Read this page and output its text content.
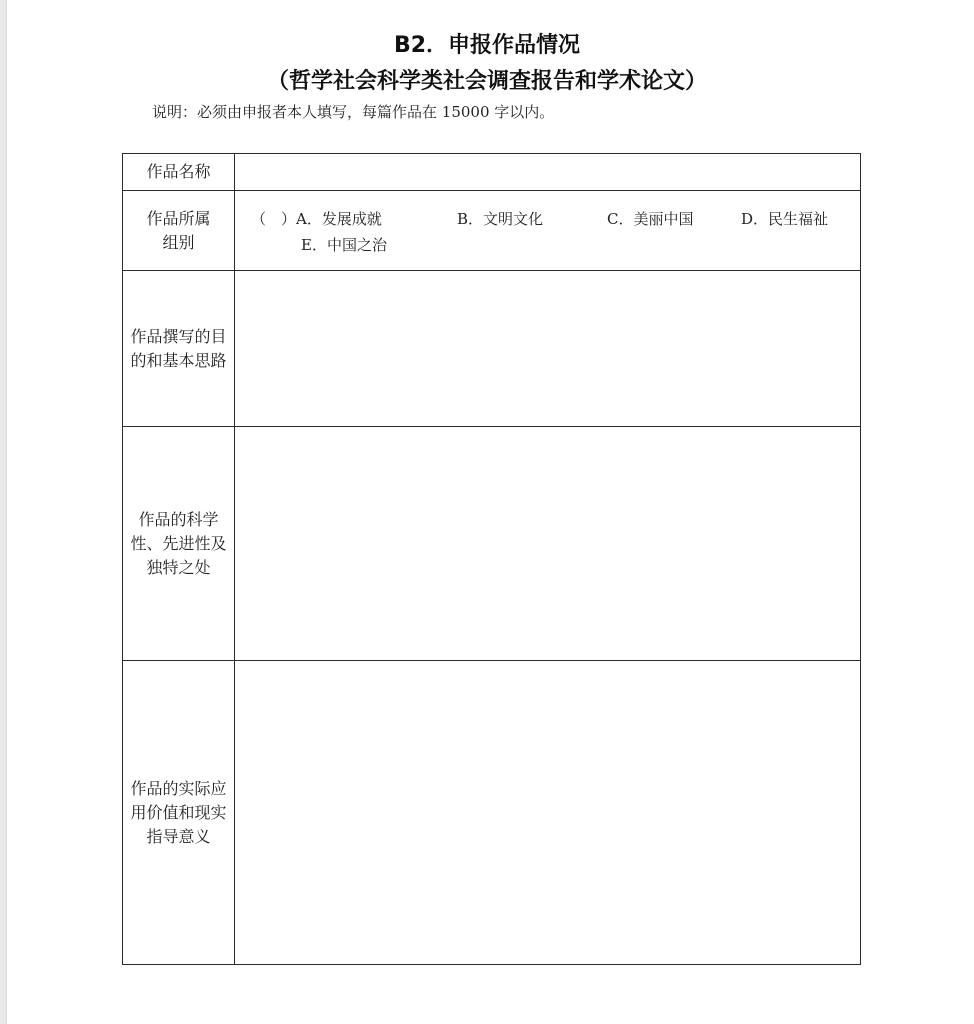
B2．申报作品情况
（哲学社会科学类社会调查报告和学术论文）
说明：必须由申报者本人填写，每篇作品在 15000 字以内。
作品名称	
作品所属组别	（　）A．发展成就 B．文明文化 C．美丽中国 D．民生福祉
E．中国之治

作品撰写的目的和基本思路	
作品的科学性、先进性及独特之处	
作品的实际应用价值和现实指导意义	
